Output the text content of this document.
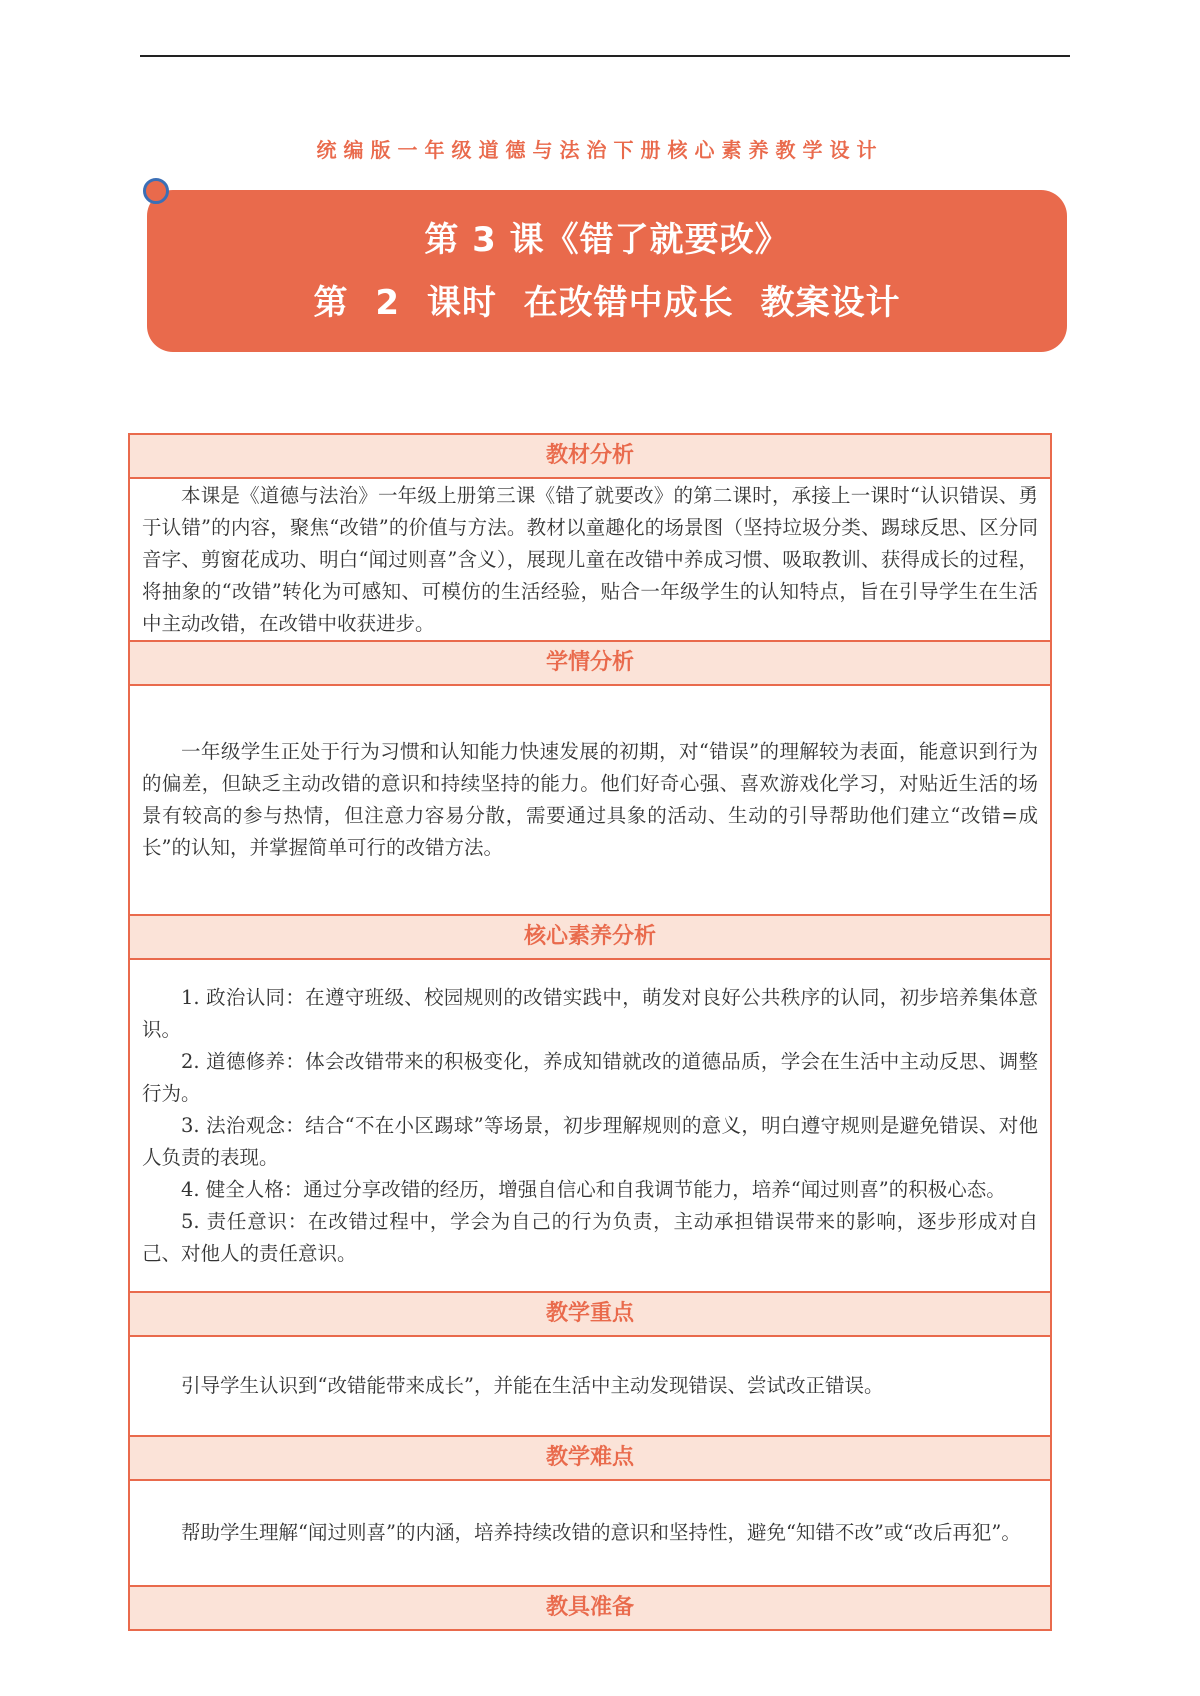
统编版一年级道德与法治下册核心素养教学设计
第 3 课《错了就要改》
第 2 课时 在改错中成长 教案设计
教材分析

本课是《道德与法治》一年级上册第三课《错了就要改》的第二课时，承接上一课时“认识错误、勇于认错”的内容，聚焦“改错”的价值与方法。教材以童趣化的场景图（坚持垃圾分类、踢球反思、区分同音字、剪窗花成功、明白“闻过则喜”含义），展现儿童在改错中养成习惯、吸取教训、获得成长的过程，将抽象的“改错”转化为可感知、可模仿的生活经验，贴合一年级学生的认知特点，旨在引导学生在生活中主动改错，在改错中收获进步。

学情分析

一年级学生正处于行为习惯和认知能力快速发展的初期，对“错误”的理解较为表面，能意识到行为的偏差，但缺乏主动改错的意识和持续坚持的能力。他们好奇心强、喜欢游戏化学习，对贴近生活的场景有较高的参与热情，但注意力容易分散，需要通过具象的活动、生动的引导帮助他们建立“改错=成长”的认知，并掌握简单可行的改错方法。

核心素养分析

1. 政治认同：在遵守班级、校园规则的改错实践中，萌发对良好公共秩序的认同，初步培养集体意识。

2. 道德修养：体会改错带来的积极变化，养成知错就改的道德品质，学会在生活中主动反思、调整行为。

3. 法治观念：结合“不在小区踢球”等场景，初步理解规则的意义，明白遵守规则是避免错误、对他人负责的表现。

4. 健全人格：通过分享改错的经历，增强自信心和自我调节能力，培养“闻过则喜”的积极心态。

5. 责任意识：在改错过程中，学会为自己的行为负责，主动承担错误带来的影响，逐步形成对自己、对他人的责任意识。

教学重点

引导学生认识到“改错能带来成长”，并能在生活中主动发现错误、尝试改正错误。

教学难点

帮助学生理解“闻过则喜”的内涵，培养持续改错的意识和坚持性，避免“知错不改”或“改后再犯”。

教具准备
